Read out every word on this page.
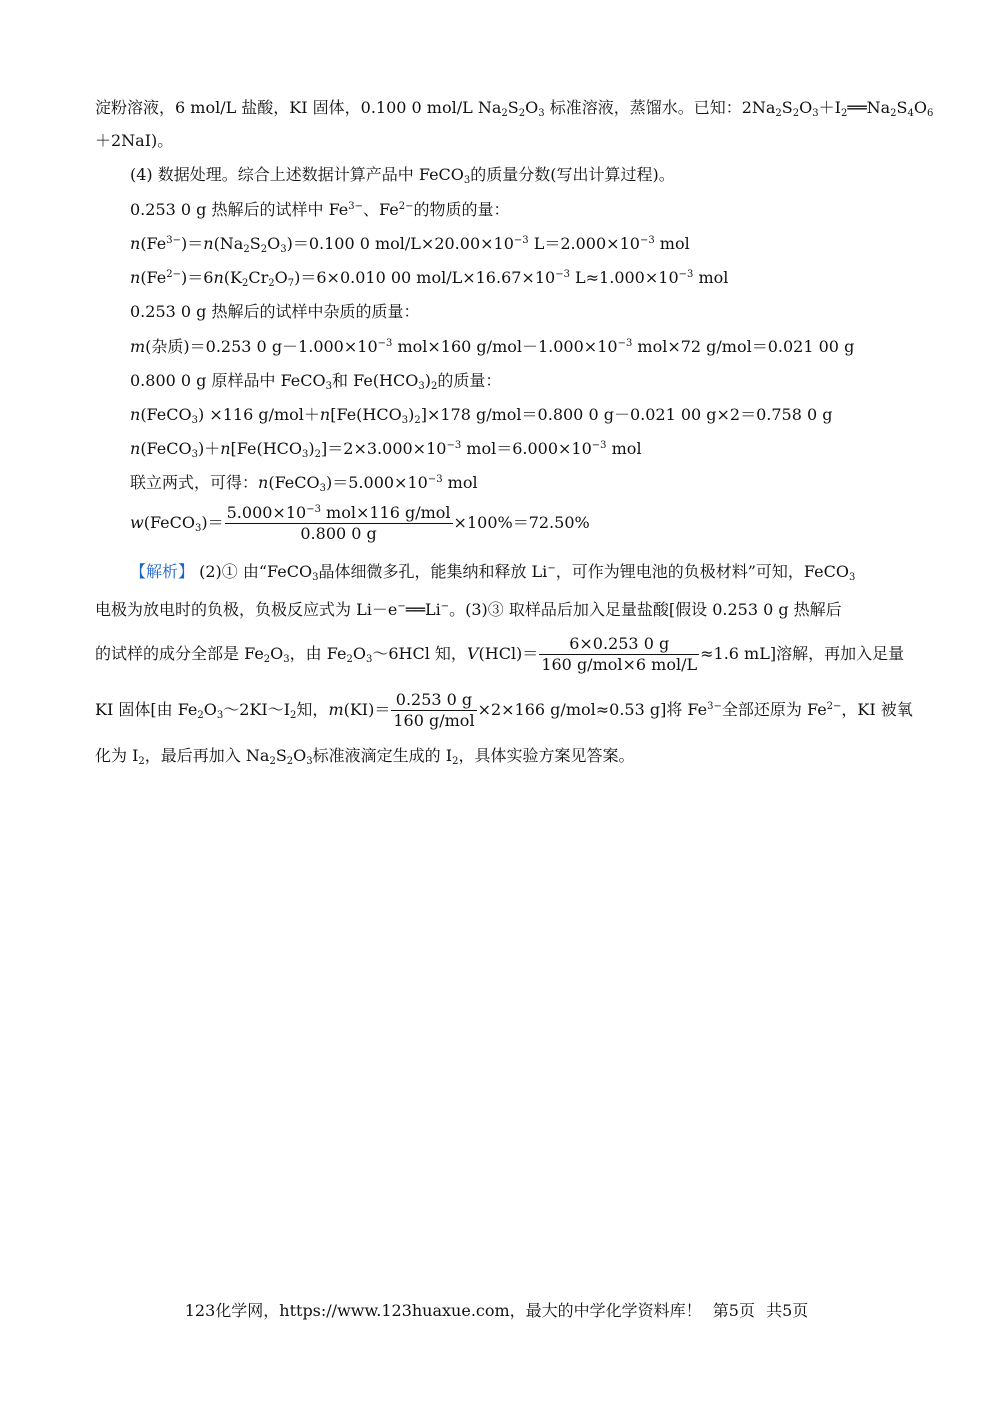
淀粉溶液，6 mol/L 盐酸，KI 固体，0.100 0 mol/L $Na_2S_2O_3$ 标准溶液，蒸馏水。已知：$2Na_2S_2O_3+I_2══Na_2S_4O_6$
＋2NaI)。
(4) 数据处理。综合上述数据计算产品中 FeCO$_3$的质量分数(写出计算过程)。
0.253 0 g 热解后的试样中 $Fe^{3-}$、$Fe^{2-}$的物质的量：
$n(Fe^{3-})=n(Na_2S_2O_3)=0.100$ 0 mol/$L\times 20.00\times 10^{-3}$ $L=2.000\times 10^{-3}$ mol
$n(Fe^{2-})=6n(K_2Cr_2O_7)=6\times 0.010$ 00 mol/$L\times 16.67\times 10^{-3}$ $L\approx 1.000\times 10^{-3}$ mol
0.253 0 g 热解后的试样中杂质的质量：
m(杂质)＝0.253 0 $g-1.000\times 10^{-3}$ mol×160 $g/mol-1.000\times 10^{-3}$ mol×72 g/mol＝0.021 00 g
0.800 0 g 原样品中 FeCO$_3$和 $Fe(HCO_3)_2$的质量：
n(FeCO$_3$) ×116 $g/mol+n[Fe(HCO_3)_2]\times 178$ g/mol＝0.800 0 g－0.021 00 g×2＝0.758 0 g
$n(FeCO_3)+n[Fe(HCO_3)_2]=2\times 3.000\times 10^{-3}$ $mol=6.000\times 10^{-3}$ mol
联立两式，可得：$n(FeCO_3)=5.000\times 10^{-3}$ mol
w(FeCO$_3$)＝ $\frac{5.000\times 10^{-3} mol\times 116 g/mol}{0.800 0 g} \times 100\%=72.50\%$
【解析】 (2)① 由“FeCO$_3$晶体细微多孔，能集纳和释放 Li−，可作为锂电池的负极材料”可知，FeCO$_3$
电极为放电时的负极，负极反应式为 Li－e−══Li−。(3)③ 取样品后加入足量盐酸[假设 0.253 0 g 热解后
的试样的成分全部是 $Fe_2O_3$，由 $Fe_2O_3\sim 6HCl$ 知，$V(HCl)= \frac{6\times 0.253 0 g}{\text{160 g/mol×6 mol/L}} \approx 1.6$ mL]溶解，再加入足量
KI 固体[由 $Fe_2O_3\sim 2KI\sim I_2$知，$m(KI)= \frac{0.253 0 g}{\text{160 g/mol}} \times 2\times 166$ g/mol≈0.53 g]将 $Fe^{3-}$全部还原为 $Fe^{2-}$，KI 被氧
化为 $I_2$，最后再加入 $Na_2S_2O_3$标准液滴定生成的 $I_2$，具体实验方案见答案。
123化学网，https://www.123huaxue.com，最大的中学化学资料库！ 第5页 共5页
